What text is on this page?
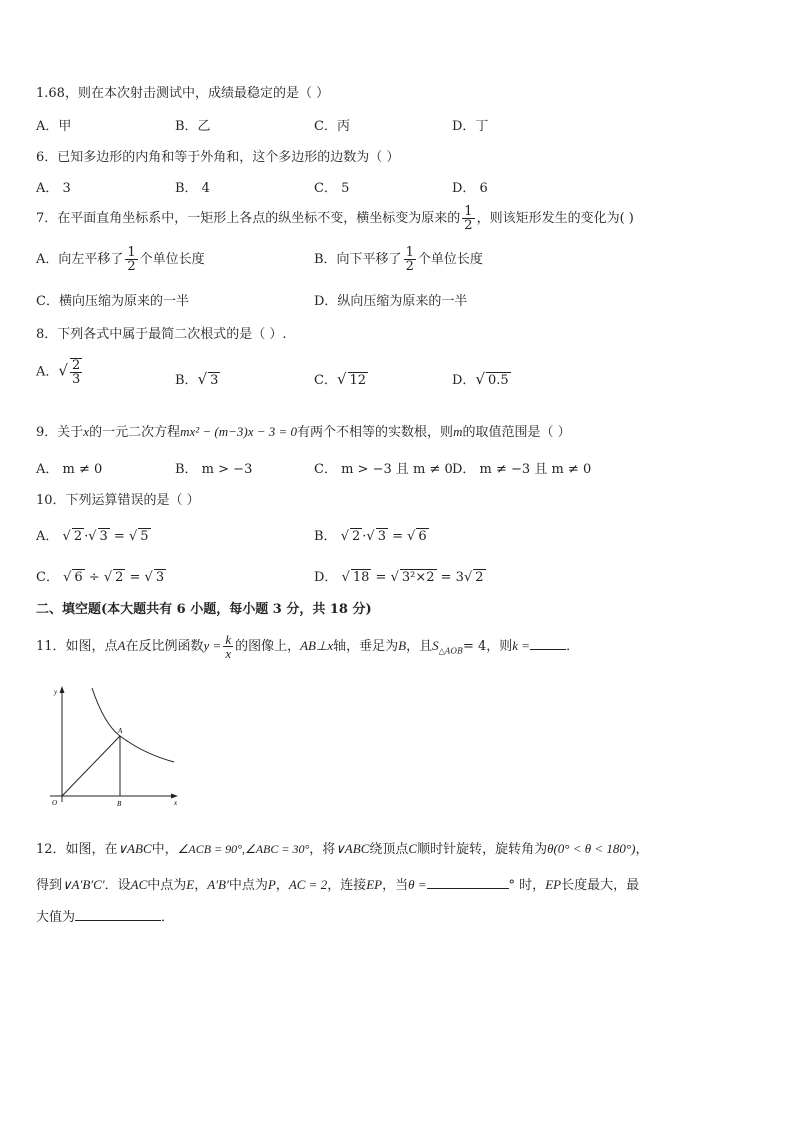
1.68，则在本次射击测试中，成绩最稳定的是（ ）
A．甲	B．乙	C．丙	D．丁
6．已知多边形的内角和等于外角和，这个多边形的边数为（ ）
A． 3	B． 4	C． 5	D． 6
7．在平面直角坐标系中，一矩形上各点的纵坐标不变，横坐标变为原来的 $\frac{1}{2}$ ，则该矩形发生的变化为( )
A．向左平移了 $\frac{1}{2}$ 个单位长度	B．向下平移了 $\frac{1}{2}$ 个单位长度
C．横向压缩为原来的一半	D．纵向压缩为原来的一半
8．下列各式中属于最简二次根式的是（ ）.
A．√ $\frac{2}{3}$	B．√ 3	C．√ 12	D．√ 0.5
9．关于x的一元二次方程mx² − (m−3)x − 3 = 0有两个不相等的实数根，则m的取值范围是（ ）
A． m ≠ 0	B． m > −3	C． m > −3 且 m ≠ 0 D． m ≠ −3 且 m ≠ 0
10．下列运算错误的是（ ）
A． √ 2 ·√ 3 = √ 5	B． √ 2 ·√ 3 = √ 6
C． √ 6 ÷ √ 2 = √ 3	D． √ 18 = √ 3²×2 = 3√ 2
二、填空题(本大题共有 6 小题，每小题 3 分，共 18 分)
11．如图，点A在反比例函数$y = \frac{k}{x}$ 的图像上，AB⊥x轴，垂足为B，且$S_{\triangle AOB}= 4$，则k =	．
y
x
O
A
B
12．如图，在∨ABC中，∠ACB = 90°,∠ABC = 30°，将∨ABC绕顶点C顺时针旋转，旋转角为θ(0° < θ < 180°)，
得到∨A′B′C′．设AC中点为E，A′B′中点为P，AC = 2，连接EP，当θ =	° 时，EP长度最大，最
大值为	．
